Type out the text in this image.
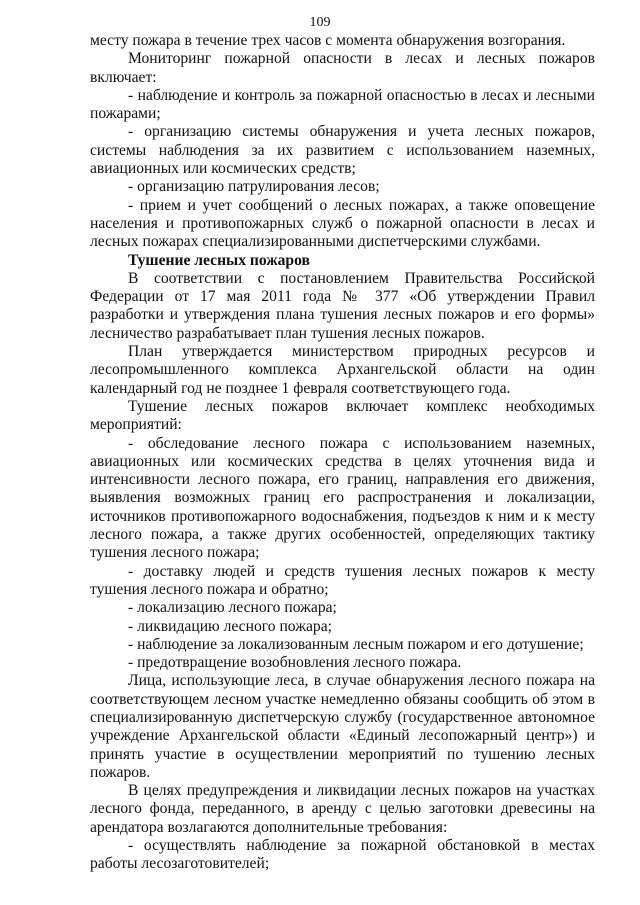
109

месту пожара в течение трех часов с момента обнаружения возгорания.

Мониторинг пожарной опасности в лесах и лесных пожаров включает:

- наблюдение и контроль за пожарной опасностью в лесах и лесными пожарами;

- организацию системы обнаружения и учета лесных пожаров, системы наблюдения за их развитием с использованием наземных, авиационных или космических средств;

- организацию патрулирования лесов;

- прием и учет сообщений о лесных пожарах, а также оповещение населения и противопожарных служб о пожарной опасности в лесах и лесных пожарах специализированными диспетчерскими службами.

Тушение лесных пожаров

В соответствии с постановлением Правительства Российской Федерации от 17 мая 2011 года № 377 «Об утверждении Правил разработки и утверждения плана тушения лесных пожаров и его формы» лесничество разрабатывает план тушения лесных пожаров.

План утверждается министерством природных ресурсов и лесопромышленного комплекса Архангельской области на один календарный год не позднее 1 февраля соответствующего года.

Тушение лесных пожаров включает комплекс необходимых мероприятий:

- обследование лесного пожара с использованием наземных, авиационных или космических средства в целях уточнения вида и интенсивности лесного пожара, его границ, направления его движения, выявления возможных границ его распространения и локализации, источников противопожарного водоснабжения, подъездов к ним и к месту лесного пожара, а также других особенностей, определяющих тактику тушения лесного пожара;

- доставку людей и средств тушения лесных пожаров к месту тушения лесного пожара и обратно;

- локализацию лесного пожара;

- ликвидацию лесного пожара;

- наблюдение за локализованным лесным пожаром и его дотушение;

- предотвращение возобновления лесного пожара.

Лица, использующие леса, в случае обнаружения лесного пожара на соответствующем лесном участке немедленно обязаны сообщить об этом в специализированную диспетчерскую службу (государственное автономное учреждение Архангельской области «Единый лесопожарный центр») и принять участие в осуществлении мероприятий по тушению лесных пожаров.

В целях предупреждения и ликвидации лесных пожаров на участках лесного фонда, переданного, в аренду с целью заготовки древесины на арендатора возлагаются дополнительные требования:

- осуществлять наблюдение за пожарной обстановкой в местах работы лесозаготовителей;
